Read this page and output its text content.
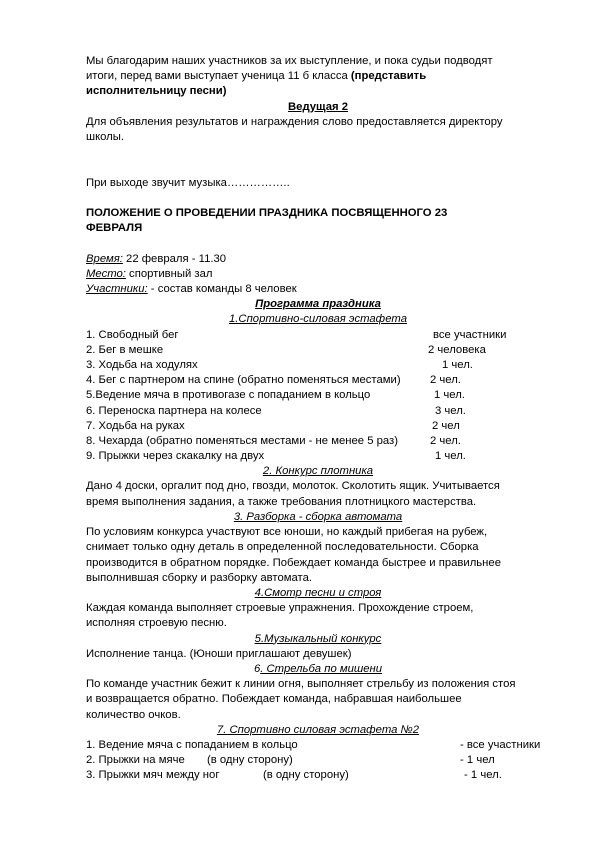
Мы благодарим наших участников за их выступление, и пока судьи подводят

итоги, перед вами выступает ученица 11 б класса (представить

исполнительницу песни)

Ведущая 2

Для объявления результатов и награждения слово предоставляется директору

школы.

При выходе звучит музыка……………..

ПОЛОЖЕНИЕ О ПРОВЕДЕНИИ ПРАЗДНИКА ПОСВЯЩЕННОГО 23

ФЕВРАЛЯ

Время: 22 февраля - 11.30

Место: спортивный зал

Участники: - состав команды 8 человек

Программа праздника

1.Спортивно-силовая эстафета

1. Свободный бег	все участники
2. Бег в мешке	2 человека
3. Ходьба на ходулях	1 чел.
4. Бег с партнером на спине (обратно поменяться местами)	2 чел.
5.Ведение мяча в противогазе с попаданием в кольцо	1 чел.
6. Переноска партнера на колесе	3 чел.
7. Ходьба на руках	2 чел
8. Чехарда (обратно поменяться местами - не менее 5 раз)	2 чел.
9. Прыжки через скакалку на двух	1 чел.

2. Конкурс плотника

Дано 4 доски, оргалит под дно, гвозди, молоток. Сколотить ящик. Учитывается

время выполнения задания, а также требования плотницкого мастерства.

3. Разборка - сборка автомата

По условиям конкурса участвуют все юноши, но каждый прибегая на рубеж,

снимает только одну деталь в определенной последовательности. Сборка

производится в обратном порядке. Побеждает команда быстрее и правильнее

выполнившая сборку и разборку автомата.

4.Смотр песни и строя

Каждая команда выполняет строевые упражнения. Прохождение строем,

исполняя строевую песню.

5.Музыкальный конкурс

Исполнение танца. (Юноши приглашают девушек)

6. Стрельба по мишени

По команде участник бежит к линии огня, выполняет стрельбу из положения стоя

и возвращается обратно. Побеждает команда, набравшая наибольшее

количество очков.

7. Спортивно силовая эстафета №2

1. Ведение мяча с попаданием в кольцо	- все участники
2. Прыжки на мяче (в одну сторону)	- 1 чел
3. Прыжки мяч между ног	(в одну сторону)	- 1 чел.
